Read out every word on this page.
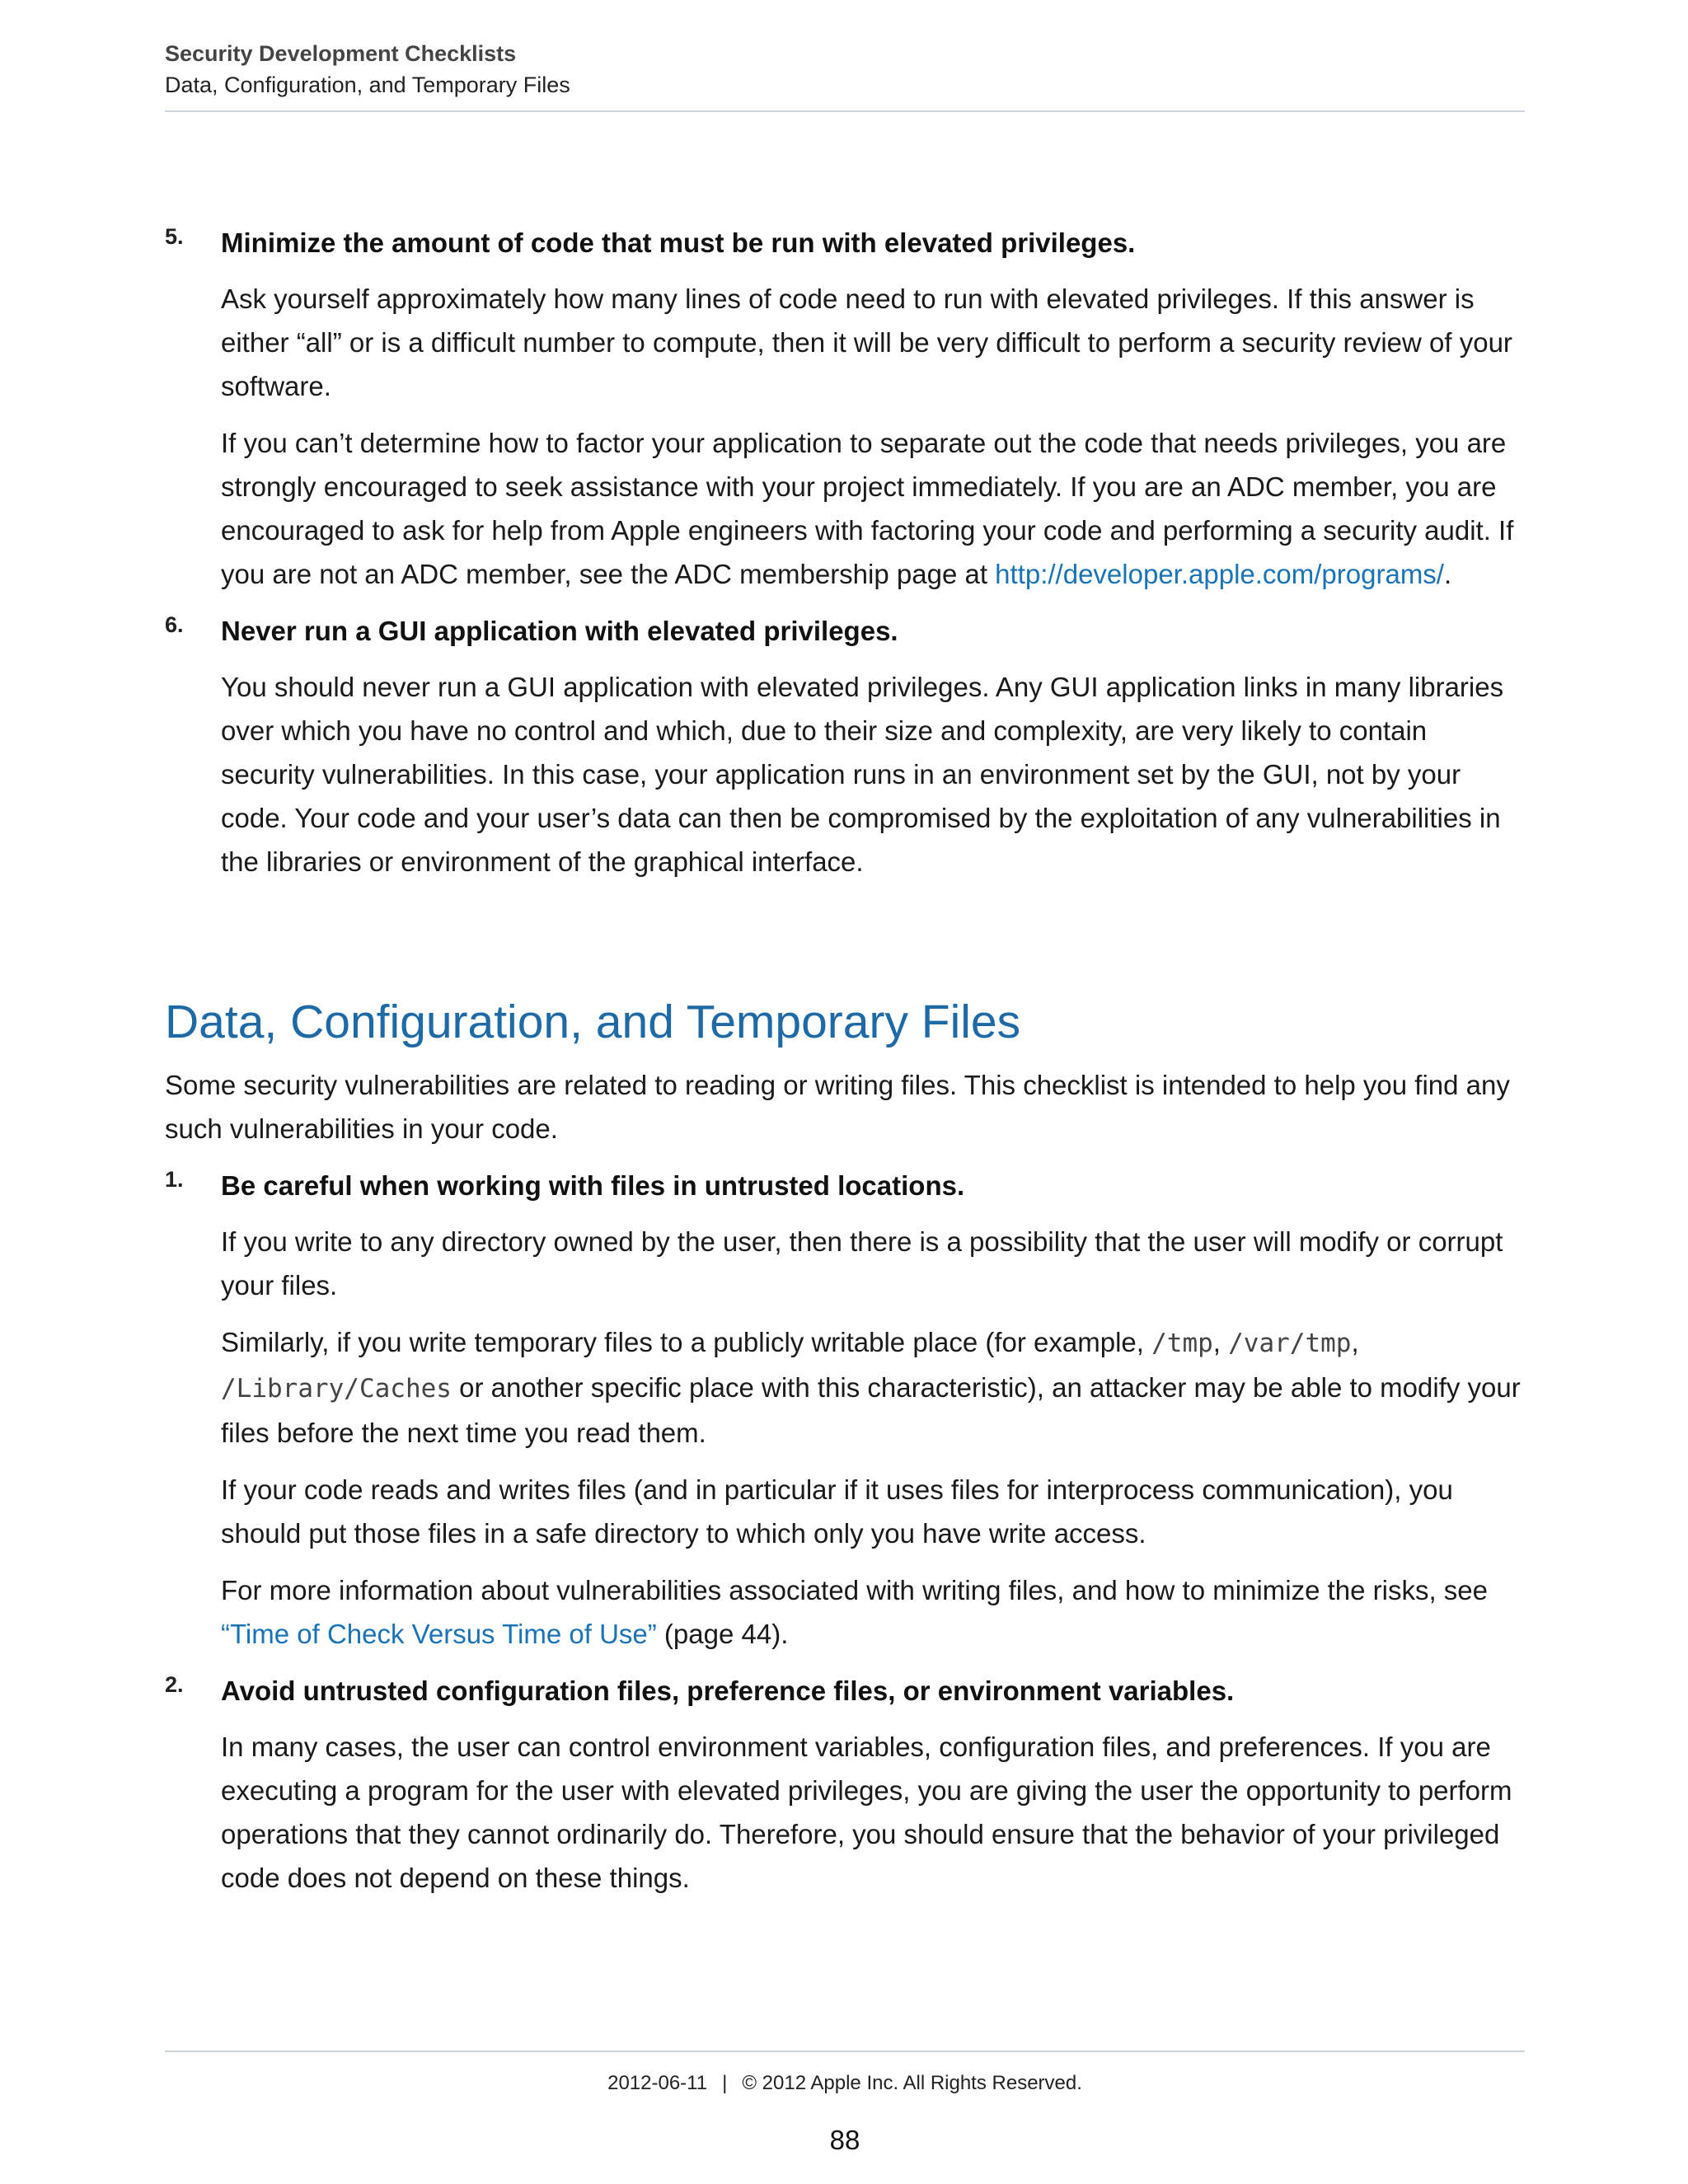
Security Development Checklists
Data, Configuration, and Temporary Files
5. Minimize the amount of code that must be run with elevated privileges.

Ask yourself approximately how many lines of code need to run with elevated privileges. If this answer is either “all” or is a difficult number to compute, then it will be very difficult to perform a security review of your software.

If you can’t determine how to factor your application to separate out the code that needs privileges, you are strongly encouraged to seek assistance with your project immediately. If you are an ADC member, you are encouraged to ask for help from Apple engineers with factoring your code and performing a security audit. If you are not an ADC member, see the ADC membership page at http://developer.apple.com/programs/.

6. Never run a GUI application with elevated privileges.

You should never run a GUI application with elevated privileges. Any GUI application links in many libraries over which you have no control and which, due to their size and complexity, are very likely to contain security vulnerabilities. In this case, your application runs in an environment set by the GUI, not by your code. Your code and your user’s data can then be compromised by the exploitation of any vulnerabilities in the libraries or environment of the graphical interface.

Data, Configuration, and Temporary Files

Some security vulnerabilities are related to reading or writing files. This checklist is intended to help you find any such vulnerabilities in your code.

1. Be careful when working with files in untrusted locations.

If you write to any directory owned by the user, then there is a possibility that the user will modify or corrupt your files.

Similarly, if you write temporary files to a publicly writable place (for example, /tmp, /var/tmp,
/Library/Caches or another specific place with this characteristic), an attacker may be able to modify your files before the next time you read them.

If your code reads and writes files (and in particular if it uses files for interprocess communication), you should put those files in a safe directory to which only you have write access.

For more information about vulnerabilities associated with writing files, and how to minimize the risks, see “Time of Check Versus Time of Use” (page 44).

2. Avoid untrusted configuration files, preference files, or environment variables.

In many cases, the user can control environment variables, configuration files, and preferences. If you are executing a program for the user with elevated privileges, you are giving the user the opportunity to perform operations that they cannot ordinarily do. Therefore, you should ensure that the behavior of your privileged code does not depend on these things.

2012-06-11 | © 2012 Apple Inc. All Rights Reserved.
88
